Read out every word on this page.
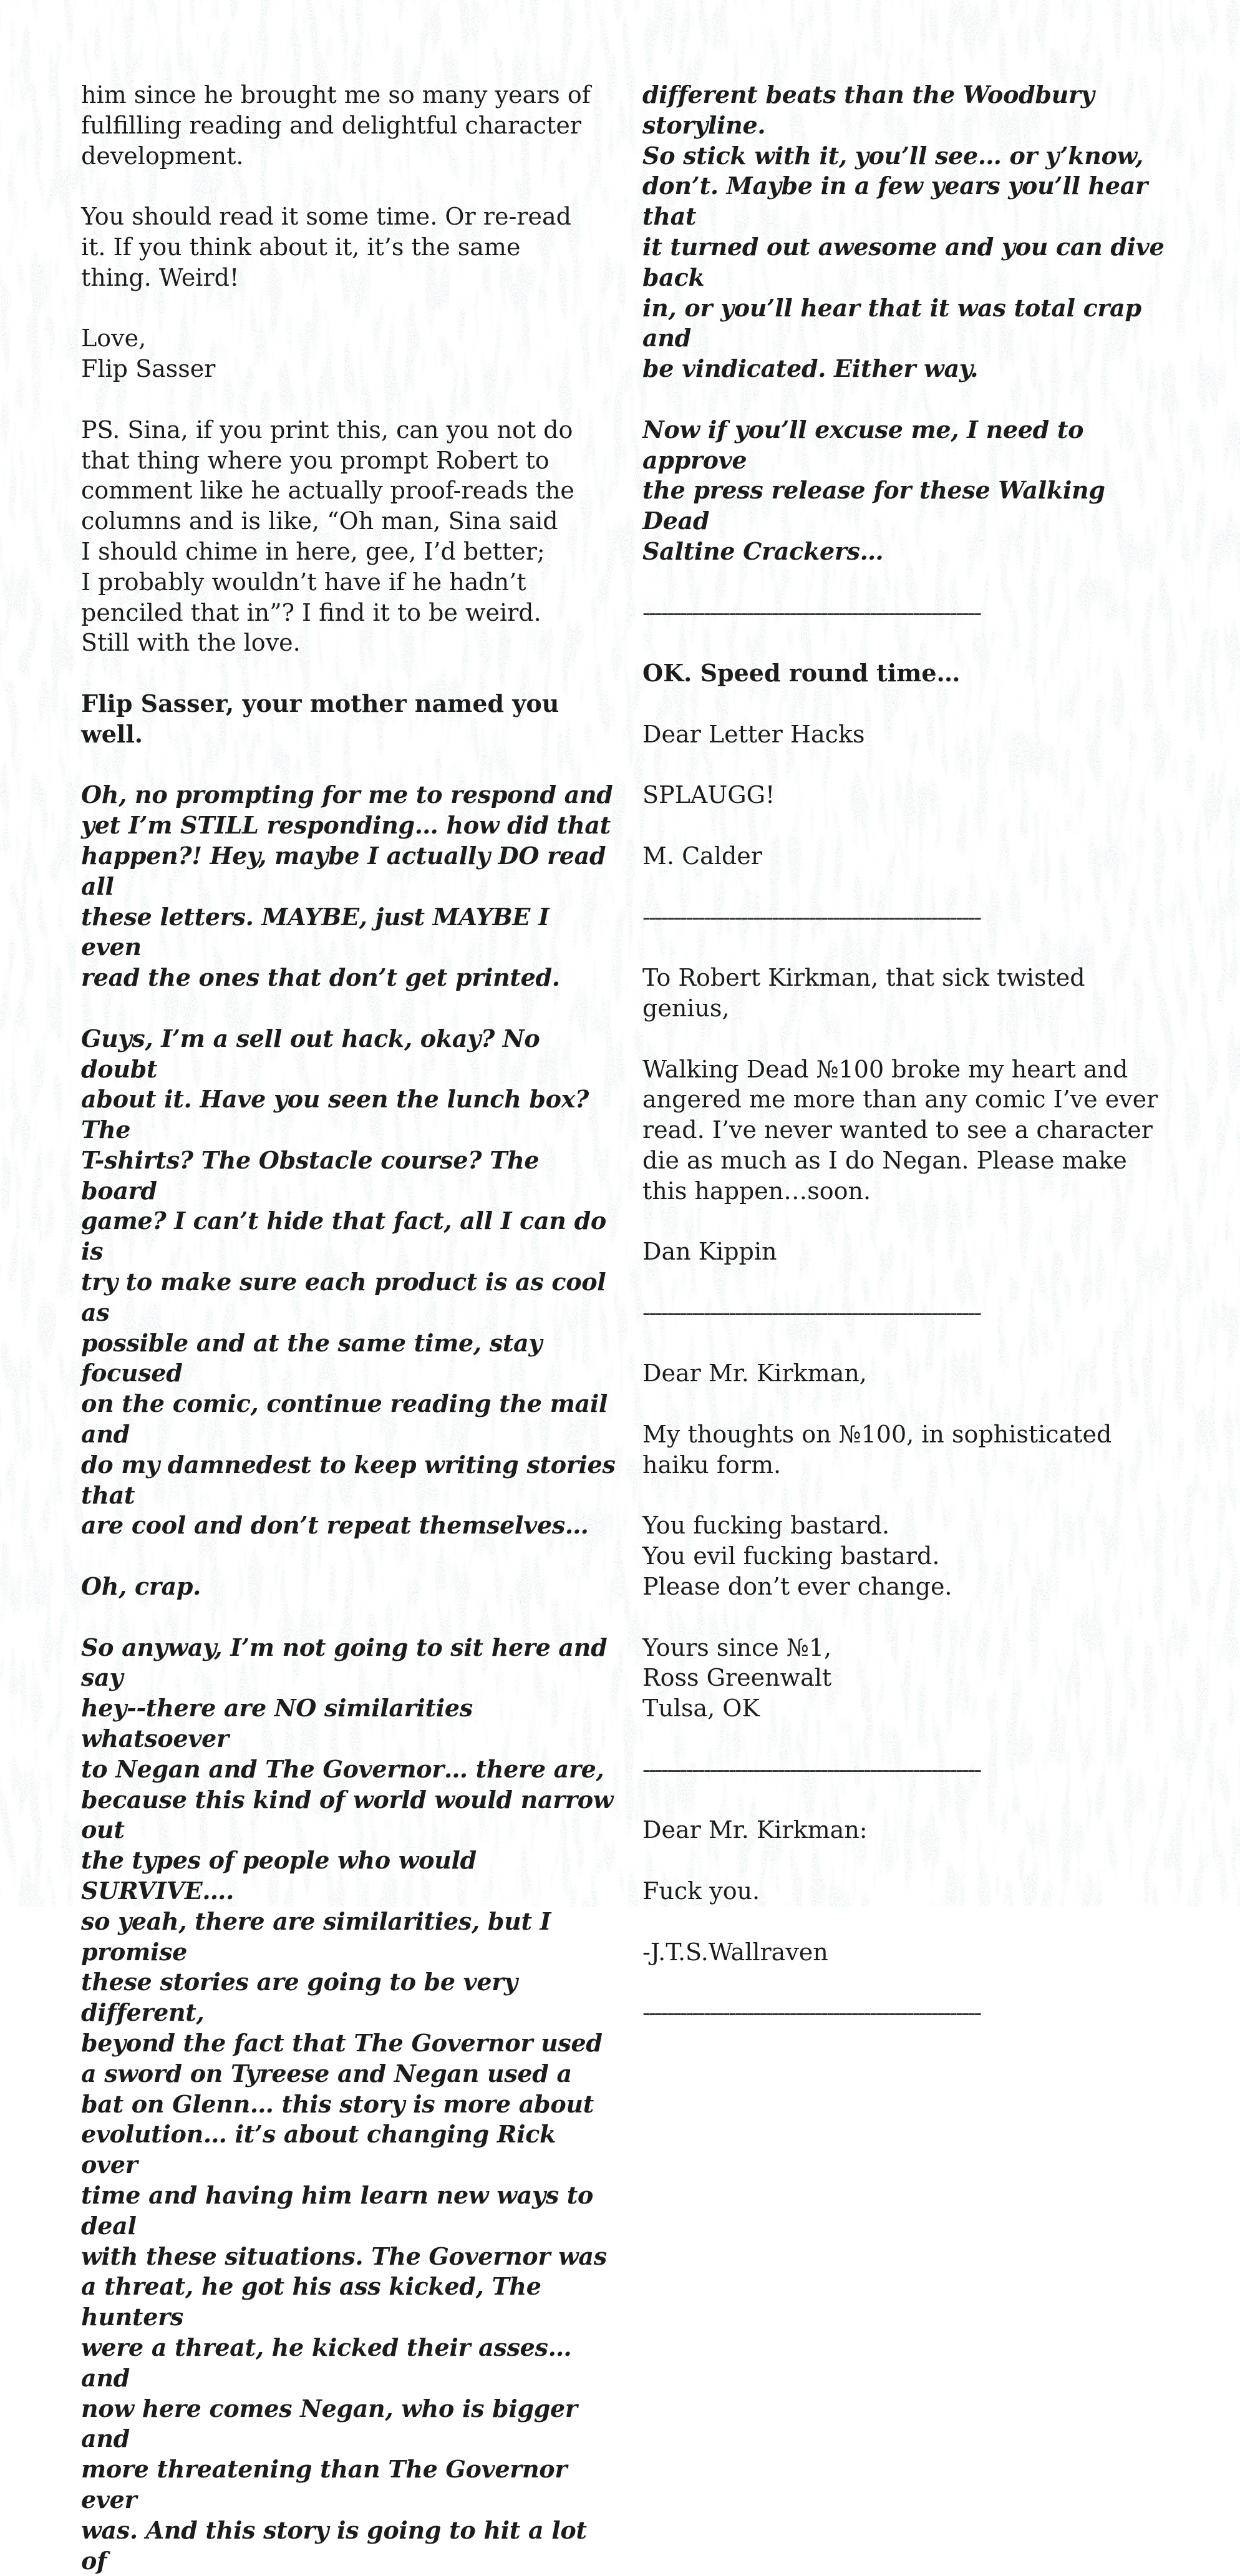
him since he brought me so many years of
fulfilling reading and delightful character
development.
You should read it some time. Or re-read
it. If you think about it, it’s the same
thing. Weird!
Love,
Flip Sasser
PS. Sina, if you print this, can you not do
that thing where you prompt Robert to
comment like he actually proof-reads the
columns and is like, “Oh man, Sina said
I should chime in here, gee, I’d better;
I probably wouldn’t have if he hadn’t
penciled that in”? I find it to be weird.
Still with the love.
Flip Sasser, your mother named you well.
Oh, no prompting for me to respond and
yet I’m STILL responding… how did that
happen?! Hey, maybe I actually DO read all
these letters. MAYBE, just MAYBE I even
read the ones that don’t get printed.
Guys, I’m a sell out hack, okay? No doubt
about it. Have you seen the lunch box? The
T-shirts? The Obstacle course? The board
game? I can’t hide that fact, all I can do is
try to make sure each product is as cool as
possible and at the same time, stay focused
on the comic, continue reading the mail and
do my damnedest to keep writing stories that
are cool and don’t repeat themselves…
Oh, crap.
So anyway, I’m not going to sit here and say
hey--there are NO similarities whatsoever
to Negan and The Governor… there are,
because this kind of world would narrow out
the types of people who would SURVIVE….
so yeah, there are similarities, but I promise
these stories are going to be very different,
beyond the fact that The Governor used
a sword on Tyreese and Negan used a
bat on Glenn… this story is more about
evolution… it’s about changing Rick over
time and having him learn new ways to deal
with these situations. The Governor was
a threat, he got his ass kicked, The hunters
were a threat, he kicked their asses… and
now here comes Negan, who is bigger and
more threatening than The Governor ever
was. And this story is going to hit a lot of
different beats than the Woodbury storyline.
So stick with it, you’ll see… or y’know,
don’t. Maybe in a few years you’ll hear that
it turned out awesome and you can dive back
in, or you’ll hear that it was total crap and
be vindicated. Either way.
Now if you’ll excuse me, I need to approve
the press release for these Walking Dead
Saltine Crackers…
-------------------------------------------------------
OK. Speed round time…
Dear Letter Hacks
SPLAUGG!
M. Calder
-------------------------------------------------------
To Robert Kirkman, that sick twisted
genius,
Walking Dead №100 broke my heart and
angered me more than any comic I’ve ever
read. I’ve never wanted to see a character
die as much as I do Negan. Please make
this happen…soon.
Dan Kippin
-------------------------------------------------------
Dear Mr. Kirkman,
My thoughts on №100, in sophisticated
haiku form.
You fucking bastard.
You evil fucking bastard.
Please don’t ever change.
Yours since №1,
Ross Greenwalt
Tulsa, OK
-------------------------------------------------------
Dear Mr. Kirkman:
Fuck you.
-J.T.S.Wallraven
-------------------------------------------------------
